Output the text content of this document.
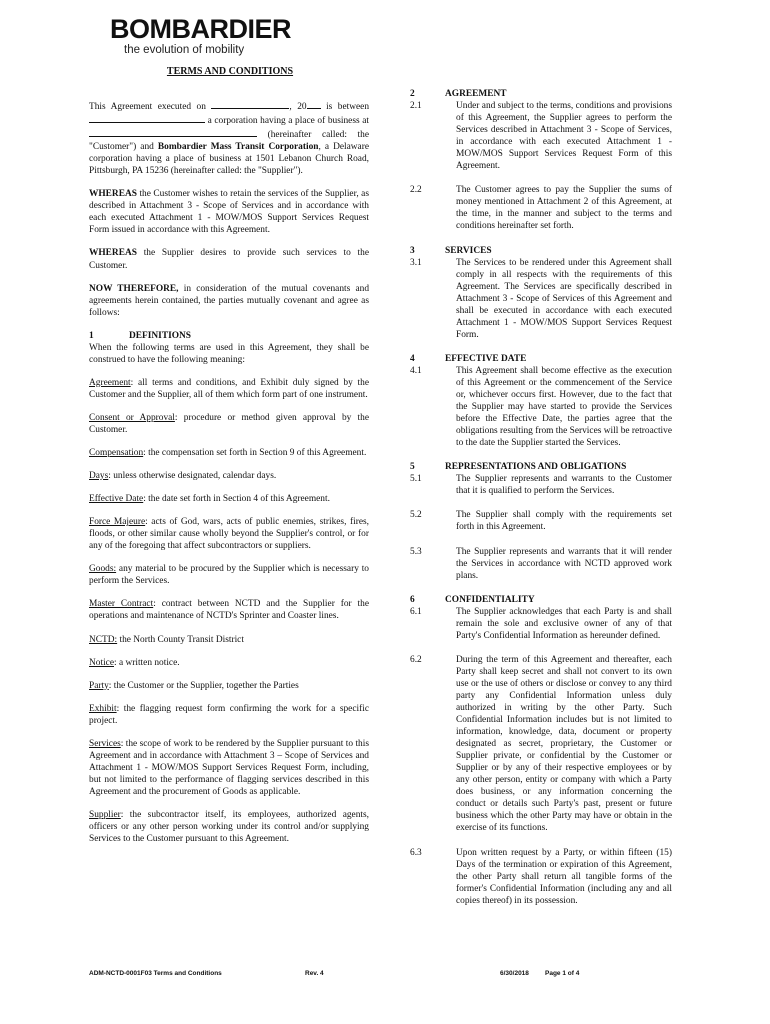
BOMBARDIER
the evolution of mobility
TERMS AND CONDITIONS

This Agreement executed on	, 20 is between  a corporation having a place of business at  (hereinafter called: the "Customer") and Bombardier Mass Transit Corporation, a Delaware corporation having a place of business at 1501 Lebanon Church Road, Pittsburgh, PA 15236 (hereinafter called: the "Supplier").

WHEREAS the Customer wishes to retain the services of the Supplier, as described in Attachment 3 - Scope of Services and in accordance with each executed Attachment 1 - MOW/MOS Support Services Request Form issued in accordance with this Agreement.

WHEREAS the Supplier desires to provide such services to the Customer.

NOW THEREFORE, in consideration of the mutual covenants and agreements herein contained, the parties mutually covenant and agree as follows:

1	DEFINITIONS

When the following terms are used in this Agreement, they shall be construed to have the following meaning:

Agreement: all terms and conditions, and Exhibit duly signed by the Customer and the Supplier, all of them which form part of one instrument.

Consent or Approval: procedure or method given approval by the Customer.

Compensation: the compensation set forth in Section 9 of this Agreement.

Days: unless otherwise designated, calendar days.

Effective Date: the date set forth in Section 4 of this Agreement.

Force Majeure: acts of God, wars, acts of public enemies, strikes, fires, floods, or other similar cause wholly beyond the Supplier's control, or for any of the foregoing that affect subcontractors or suppliers.

Goods: any material to be procured by the Supplier which is necessary to perform the Services.

Master Contract: contract between NCTD and the Supplier for the operations and maintenance of NCTD's Sprinter and Coaster lines.

NCTD: the North County Transit District

Notice: a written notice.

Party: the Customer or the Supplier, together the Parties

Exhibit: the flagging request form confirming the work for a specific project.

Services: the scope of work to be rendered by the Supplier pursuant to this Agreement and in accordance with Attachment 3 – Scope of Services and Attachment 1 - MOW/MOS Support Services Request Form, including, but not limited to the performance of flagging services described in this Agreement and the procurement of Goods as applicable.

Supplier: the subcontractor itself, its employees, authorized agents, officers or any other person working under its control and/or supplying Services to the Customer pursuant to this Agreement.

2	AGREEMENT
2.1	Under and subject to the terms, conditions and provisions of this Agreement, the Supplier agrees to perform the Services described in Attachment 3 - Scope of Services, in accordance with each executed Attachment 1 - MOW/MOS Support Services Request Form of this Agreement.
2.2	The Customer agrees to pay the Supplier the sums of money mentioned in Attachment 2 of this Agreement, at the time, in the manner and subject to the terms and conditions hereinafter set forth.
3	SERVICES
3.1	The Services to be rendered under this Agreement shall comply in all respects with the requirements of this Agreement. The Services are specifically described in Attachment 3 - Scope of Services of this Agreement and shall be executed in accordance with each executed Attachment 1 - MOW/MOS Support Services Request Form.
4	EFFECTIVE DATE
4.1	This Agreement shall become effective as the execution of this Agreement or the commencement of the Service or, whichever occurs first. However, due to the fact that the Supplier may have started to provide the Services before the Effective Date, the parties agree that the obligations resulting from the Services will be retroactive to the date the Supplier started the Services.
5	REPRESENTATIONS AND OBLIGATIONS
5.1	The Supplier represents and warrants to the Customer that it is qualified to perform the Services.
5.2	The Supplier shall comply with the requirements set forth in this Agreement.
5.3	The Supplier represents and warrants that it will render the Services in accordance with NCTD approved work plans.
6	CONFIDENTIALITY
6.1	The Supplier acknowledges that each Party is and shall remain the sole and exclusive owner of any of that Party's Confidential Information as hereunder defined.
6.2	During the term of this Agreement and thereafter, each Party shall keep secret and shall not convert to its own use or the use of others or disclose or convey to any third party any Confidential Information unless duly authorized in writing by the other Party. Such Confidential Information includes but is not limited to information, knowledge, data, document or property designated as secret, proprietary, the Customer or Supplier private, or confidential by the Customer or Supplier or by any of their respective employees or by any other person, entity or company with which a Party does business, or any information concerning the conduct or details such Party's past, present or future business which the other Party may have or obtain in the exercise of its functions.
6.3	Upon written request by a Party, or within fifteen (15) Days of the termination or expiration of this Agreement, the other Party shall return all tangible forms of the former's Confidential Information (including any and all copies thereof) in its possession.
ADM-NCTD-0001F03 Terms and Conditions	Rev. 4	6/30/2018 Page 1 of 4
